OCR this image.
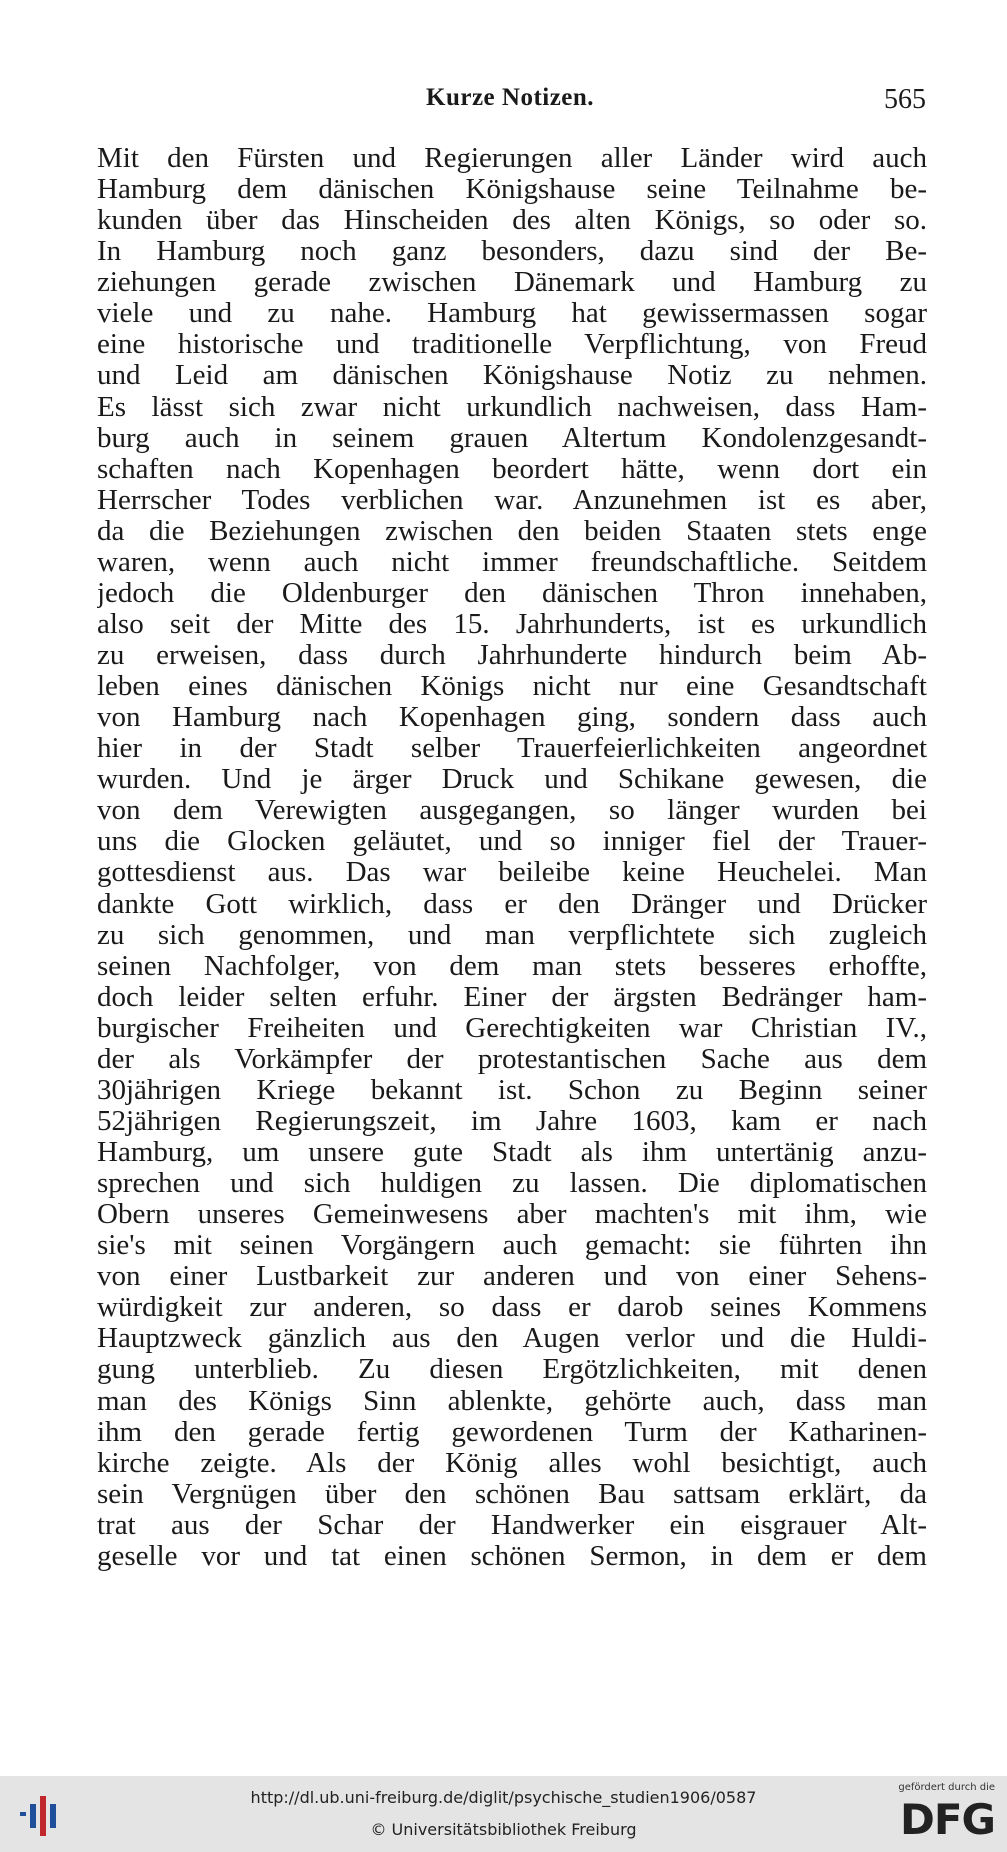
Kurze Notizen.	565
Mit den Fürsten und Regierungen aller Länder wird auch
Hamburg dem dänischen Königshause seine Teilnahme be-
kunden über das Hinscheiden des alten Königs, so oder so.
In Hamburg noch ganz besonders, dazu sind der Be-
ziehungen gerade zwischen Dänemark und Hamburg zu
viele und zu nahe. Hamburg hat gewissermassen sogar
eine historische und traditionelle Verpflichtung, von Freud
und Leid am dänischen Königshause Notiz zu nehmen.
Es lässt sich zwar nicht urkundlich nachweisen, dass Ham-
burg auch in seinem grauen Altertum Kondolenzgesandt-
schaften nach Kopenhagen beordert hätte, wenn dort ein
Herrscher Todes verblichen war. Anzunehmen ist es aber,
da die Beziehungen zwischen den beiden Staaten stets enge
waren, wenn auch nicht immer freundschaftliche. Seitdem
jedoch die Oldenburger den dänischen Thron innehaben,
also seit der Mitte des 15. Jahrhunderts, ist es urkundlich
zu erweisen, dass durch Jahrhunderte hindurch beim Ab-
leben eines dänischen Königs nicht nur eine Gesandtschaft
von Hamburg nach Kopenhagen ging, sondern dass auch
hier in der Stadt selber Trauerfeierlichkeiten angeordnet
wurden. Und je ärger Druck und Schikane gewesen, die
von dem Verewigten ausgegangen, so länger wurden bei
uns die Glocken geläutet, und so inniger fiel der Trauer-
gottesdienst aus. Das war beileibe keine Heuchelei. Man
dankte Gott wirklich, dass er den Dränger und Drücker
zu sich genommen, und man verpflichtete sich zugleich
seinen Nachfolger, von dem man stets besseres erhoffte,
doch leider selten erfuhr. Einer der ärgsten Bedränger ham-
burgischer Freiheiten und Gerechtigkeiten war Christian IV.,
der als Vorkämpfer der protestantischen Sache aus dem
30jährigen Kriege bekannt ist. Schon zu Beginn seiner
52jährigen Regierungszeit, im Jahre 1603, kam er nach
Hamburg, um unsere gute Stadt als ihm untertänig anzu-
sprechen und sich huldigen zu lassen. Die diplomatischen
Obern unseres Gemeinwesens aber machten's mit ihm, wie
sie's mit seinen Vorgängern auch gemacht: sie führten ihn
von einer Lustbarkeit zur anderen und von einer Sehens-
würdigkeit zur anderen, so dass er darob seines Kommens
Hauptzweck gänzlich aus den Augen verlor und die Huldi-
gung unterblieb. Zu diesen Ergötzlichkeiten, mit denen
man des Königs Sinn ablenkte, gehörte auch, dass man
ihm den gerade fertig gewordenen Turm der Katharinen-
kirche zeigte. Als der König alles wohl besichtigt, auch
sein Vergnügen über den schönen Bau sattsam erklärt, da
trat aus der Schar der Handwerker ein eisgrauer Alt-
geselle vor und tat einen schönen Sermon, in dem er dem
http://dl.ub.uni-freiburg.de/diglit/psychische_studien1906/0587
© Universitätsbibliothek Freiburg
gefördert durch die
DFG
